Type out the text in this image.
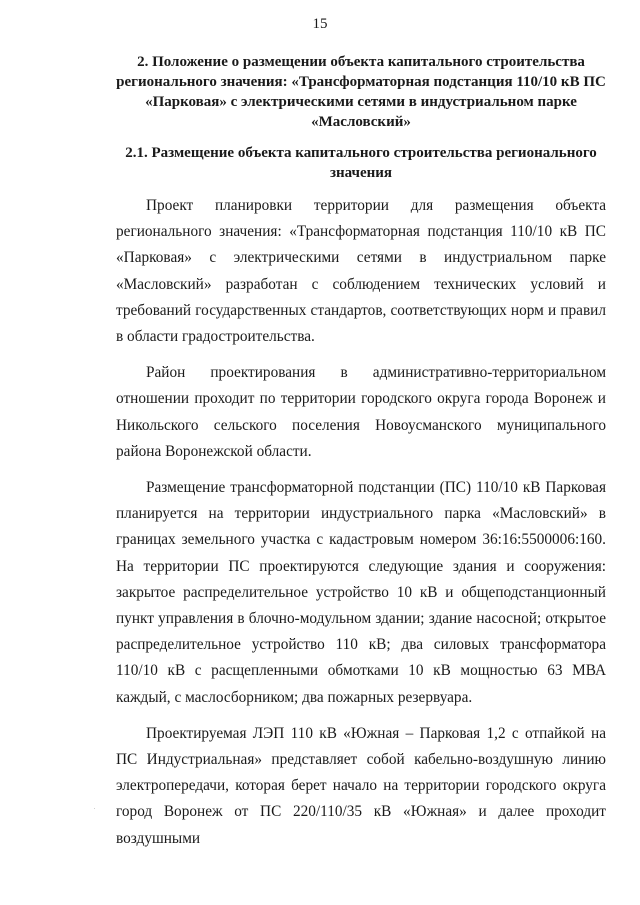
15
2. Положение о размещении объекта капитального строительства регионального значения: «Трансформаторная подстанция 110/10 кВ ПС «Парковая» с электрическими сетями в индустриальном парке «Масловский»
2.1. Размещение объекта капитального строительства регионального значения

Проект планировки территории для размещения объекта регионального значения: «Трансформаторная подстанция 110/10 кВ ПС «Парковая» с электрическими сетями в индустриальном парке «Масловский» разработан с соблюдением технических условий и требований государственных стандартов, соответствующих норм и правил в области градостроительства.

Район проектирования в административно-территориальном отношении проходит по территории городского округа города Воронеж и Никольского сельского поселения Новоусманского муниципального района Воронежской области.

Размещение трансформаторной подстанции (ПС) 110/10 кВ Парковая планируется на территории индустриального парка «Масловский» в границах земельного участка с кадастровым номером 36:16:5500006:160. На территории ПС проектируются следующие здания и сооружения: закрытое распределительное устройство 10 кВ и общеподстанционный пункт управления в блочно-модульном здании; здание насосной; открытое распределительное устройство 110 кВ; два силовых трансформатора 110/10 кВ с расщепленными обмотками 10 кВ мощностью 63 МВА каждый, с маслосборником; два пожарных резервуара.

Проектируемая ЛЭП 110 кВ «Южная – Парковая 1,2 с отпайкой на ПС Индустриальная» представляет собой кабельно-воздушную линию электропередачи, которая берет начало на территории городского округа город Воронеж от ПС 220/110/35 кВ «Южная» и далее проходит воздушными
